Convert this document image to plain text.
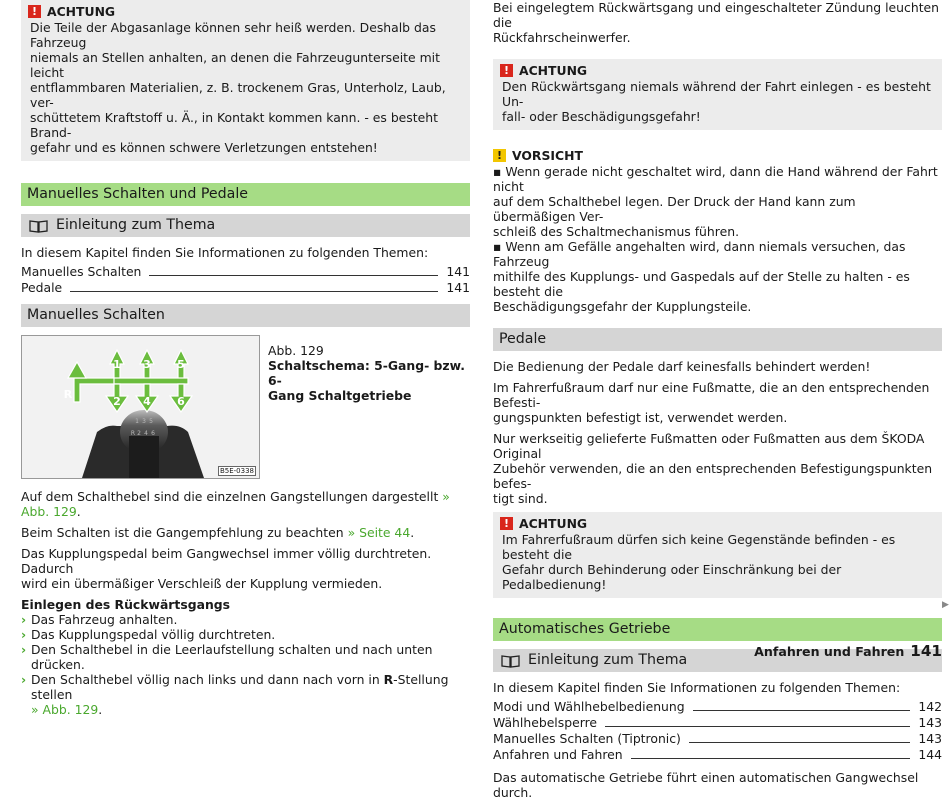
! ACHTUNG
Die Teile der Abgasanlage können sehr heiß werden. Deshalb das Fahrzeug
niemals an Stellen anhalten, an denen die Fahrzeugunterseite mit leicht
entflammbaren Materialien, z. B. trockenem Gras, Unterholz, Laub, ver-
schüttetem Kraftstoff u. Ä., in Kontakt kommen kann. - es besteht Brand-
gefahr und es können schwere Verletzungen entstehen!
Manuelles Schalten und Pedale
Einleitung zum Thema

In diesem Kapitel finden Sie Informationen zu folgenden Themen:

Manuelles Schalten	141
Pedale	141
Manuelles Schalten
1 3 5
R 2 4 6
1 3 5
2 4 6
R
B5E-0338
Abb. 129
Schaltschema: 5-Gang- bzw. 6-
Gang Schaltgetriebe

Auf dem Schalthebel sind die einzelnen Gangstellungen dargestellt » Abb. 129.

Beim Schalten ist die Gangempfehlung zu beachten » Seite 44.

Das Kupplungspedal beim Gangwechsel immer völlig durchtreten. Dadurch
wird ein übermäßiger Verschleiß der Kupplung vermieden.

Einlegen des Rückwärtsgangs
› Das Fahrzeug anhalten.
› Das Kupplungspedal völlig durchtreten.
› Den Schalthebel in die Leerlaufstellung schalten und nach unten drücken.
› Den Schalthebel völlig nach links und dann nach vorn in R-Stellung stellen
» Abb. 129.

Bei eingelegtem Rückwärtsgang und eingeschalteter Zündung leuchten die
Rückfahrscheinwerfer.

! ACHTUNG
Den Rückwärtsgang niemals während der Fahrt einlegen - es besteht Un-
fall- oder Beschädigungsgefahr!
! VORSICHT
▪ Wenn gerade nicht geschaltet wird, dann die Hand während der Fahrt nicht
auf dem Schalthebel legen. Der Druck der Hand kann zum übermäßigen Ver-
schleiß des Schaltmechanismus führen.
▪ Wenn am Gefälle angehalten wird, dann niemals versuchen, das Fahrzeug
mithilfe des Kupplungs- und Gaspedals auf der Stelle zu halten - es besteht die
Beschädigungsgefahr der Kupplungsteile.
Pedale

Die Bedienung der Pedale darf keinesfalls behindert werden!

Im Fahrerfußraum darf nur eine Fußmatte, die an den entsprechenden Befesti-
gungspunkten befestigt ist, verwendet werden.

Nur werkseitig gelieferte Fußmatten oder Fußmatten aus dem ŠKODA Original
Zubehör verwenden, die an den entsprechenden Befestigungspunkten befes-
tigt sind.

! ACHTUNG
Im Fahrerfußraum dürfen sich keine Gegenstände befinden - es besteht die
Gefahr durch Behinderung oder Einschränkung bei der Pedalbedienung!
Automatisches Getriebe
Einleitung zum Thema

In diesem Kapitel finden Sie Informationen zu folgenden Themen:

Modi und Wählhebelbedienung	142
Wählhebelsperre	143
Manuelles Schalten (Tiptronic)	143
Anfahren und Fahren	144

Das automatische Getriebe führt einen automatischen Gangwechsel durch.

▶
Anfahren und Fahren 141
